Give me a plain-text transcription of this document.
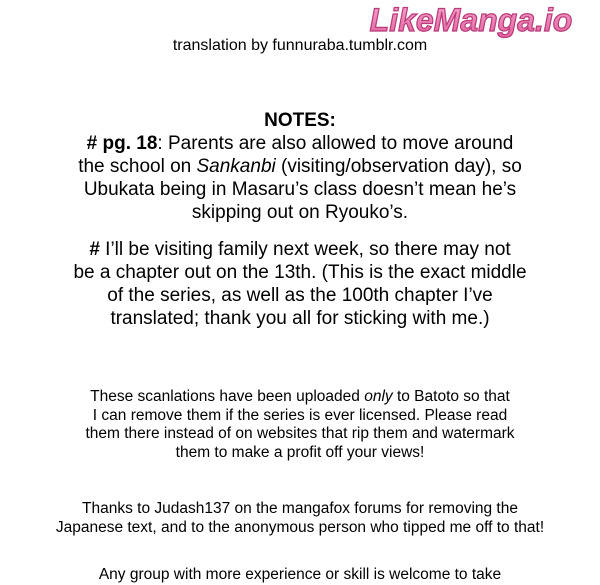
LikeManga.io
translation by funnuraba.tumblr.com
NOTES:
# pg. 18: Parents are also allowed to move around
the school on Sankanbi (visiting/observation day), so
Ubukata being in Masaru’s class doesn’t mean he’s
skipping out on Ryouko’s.
# I’ll be visiting family next week, so there may not
be a chapter out on the 13th. (This is the exact middle
of the series, as well as the 100th chapter I’ve
translated; thank you all for sticking with me.)
These scanlations have been uploaded only to Batoto so that
I can remove them if the series is ever licensed. Please read
them there instead of on websites that rip them and watermark
them to make a profit off your views!
Thanks to Judash137 on the mangafox forums for removing the
Japanese text, and to the anonymous person who tipped me off to that!
Any group with more experience or skill is welcome to take
